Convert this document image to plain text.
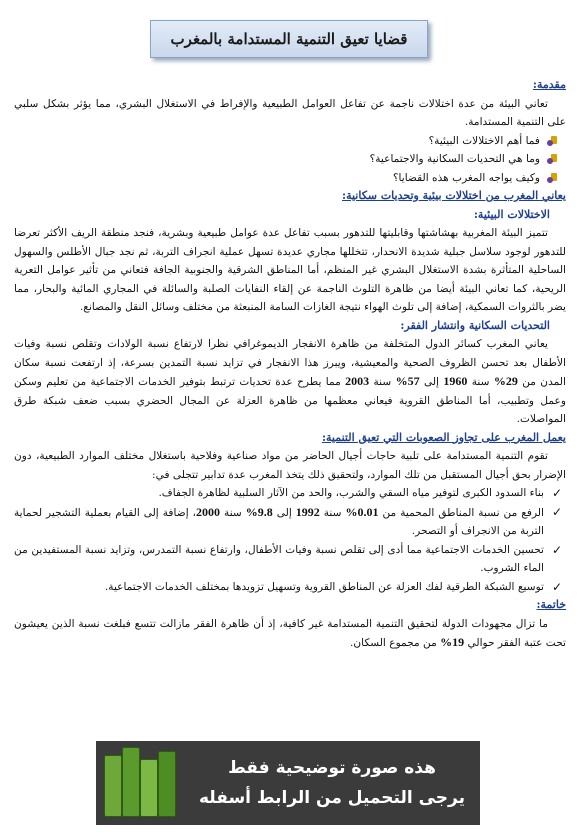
قضايا تعيق التنمية المستدامة بالمغرب
مقدمة:

تعاني البيئة من عدة اختلالات ناجمة عن تفاعل العوامل الطبيعية والإفراط في الاستغلال البشري، مما يؤثر بشكل سلبي على التنمية المستدامة.

فما أهم الاختلالات البيئية؟
وما هي التحديات السكانية والاجتماعية؟
وكيف يواجه المغرب هذه القضايا؟
يعاني المغرب من اختلالات بيئية وتحديات سكانية:
الاختلالات البيئية:

تتميز البيئة المغربية بهشاشتها وقابليتها للتدهور بسبب تفاعل عدة عوامل طبيعية وبشرية، فنجد منطقة الريف الأكثر تعرضا للتدهور لوجود سلاسل جبلية شديدة الانحدار، تتخللها مجاري عديدة تسهل عملية انجراف التربة، ثم نجد جبال الأطلس والسهول الساحلية المتأثرة بشدة الاستغلال البشري غير المنظم، أما المناطق الشرقية والجنوبية الجافة فتعاني من تأثير عوامل التعرية الريحية، كما تعاني البيئة أيضا من ظاهرة التلوث الناجمة عن إلقاء النفايات الصلبة والسائلة في المجاري المائية والبحار، مما يضر بالثروات السمكية، إضافة إلى تلوث الهواء نتيجة الغازات السامة المنبعثة من مختلف وسائل النقل والمصانع.

التحديات السكانية وانتشار الفقر:

يعاني المغرب كسائر الدول المتخلفة من ظاهرة الانفجار الديموغرافي نظرا لارتفاع نسبة الولادات وتقلص نسبة وفيات الأطفال بعد تحسن الظروف الصحية والمعيشية، ويبرز هذا الانفجار في تزايد نسبة التمدين بسرعة، إذ ارتفعت نسبة سكان المدن من 29% سنة 1960 إلى 57% سنة 2003 مما يطرح عدة تحديات ترتبط بتوفير الخدمات الاجتماعية من تعليم وسكن وعمل وتطبيب، أما المناطق القروية فيعاني معظمها من ظاهرة العزلة عن المجال الحضري بسبب ضعف شبكة طرق المواصلات.

يعمل المغرب على تجاوز الصعوبات التي تعيق التنمية:

تقوم التنمية المستدامة على تلبية حاجات أجيال الحاضر من مواد صناعية وفلاحية باستغلال مختلف الموارد الطبيعية، دون الإضرار بحق أجيال المستقبل من تلك الموارد، ولتحقيق ذلك يتخذ المغرب عدة تدابير تتجلى في:

✓ بناء السدود الكبرى لتوفير مياه السقي والشرب، والحد من الآثار السلبية لظاهرة الجفاف.
✓ الرفع من نسبة المناطق المحمية من 0.01% سنة 1992 إلى 9.8% سنة 2000، إضافة إلى القيام بعملية التشجير لحماية التربة من الانجراف أو التصحر.
✓ تحسين الخدمات الاجتماعية مما أدى إلى تقلص نسبة وفيات الأطفال، وارتفاع نسبة التمدرس، وتزايد نسبة المستفيدين من الماء الشروب.
✓ توسيع الشبكة الطرقية لفك العزلة عن المناطق القروية وتسهيل تزويدها بمختلف الخدمات الاجتماعية.
خاتمة:

ما تزال مجهودات الدولة لتحقيق التنمية المستدامة غير كافية، إذ أن ظاهرة الفقر مازالت تتسع فبلغت نسبة الذين يعيشون تحت عتبة الفقر حوالي 19% من مجموع السكان.

هذه صورة توضيحية فقط
يرجى التحميل من الرابط أسفله
